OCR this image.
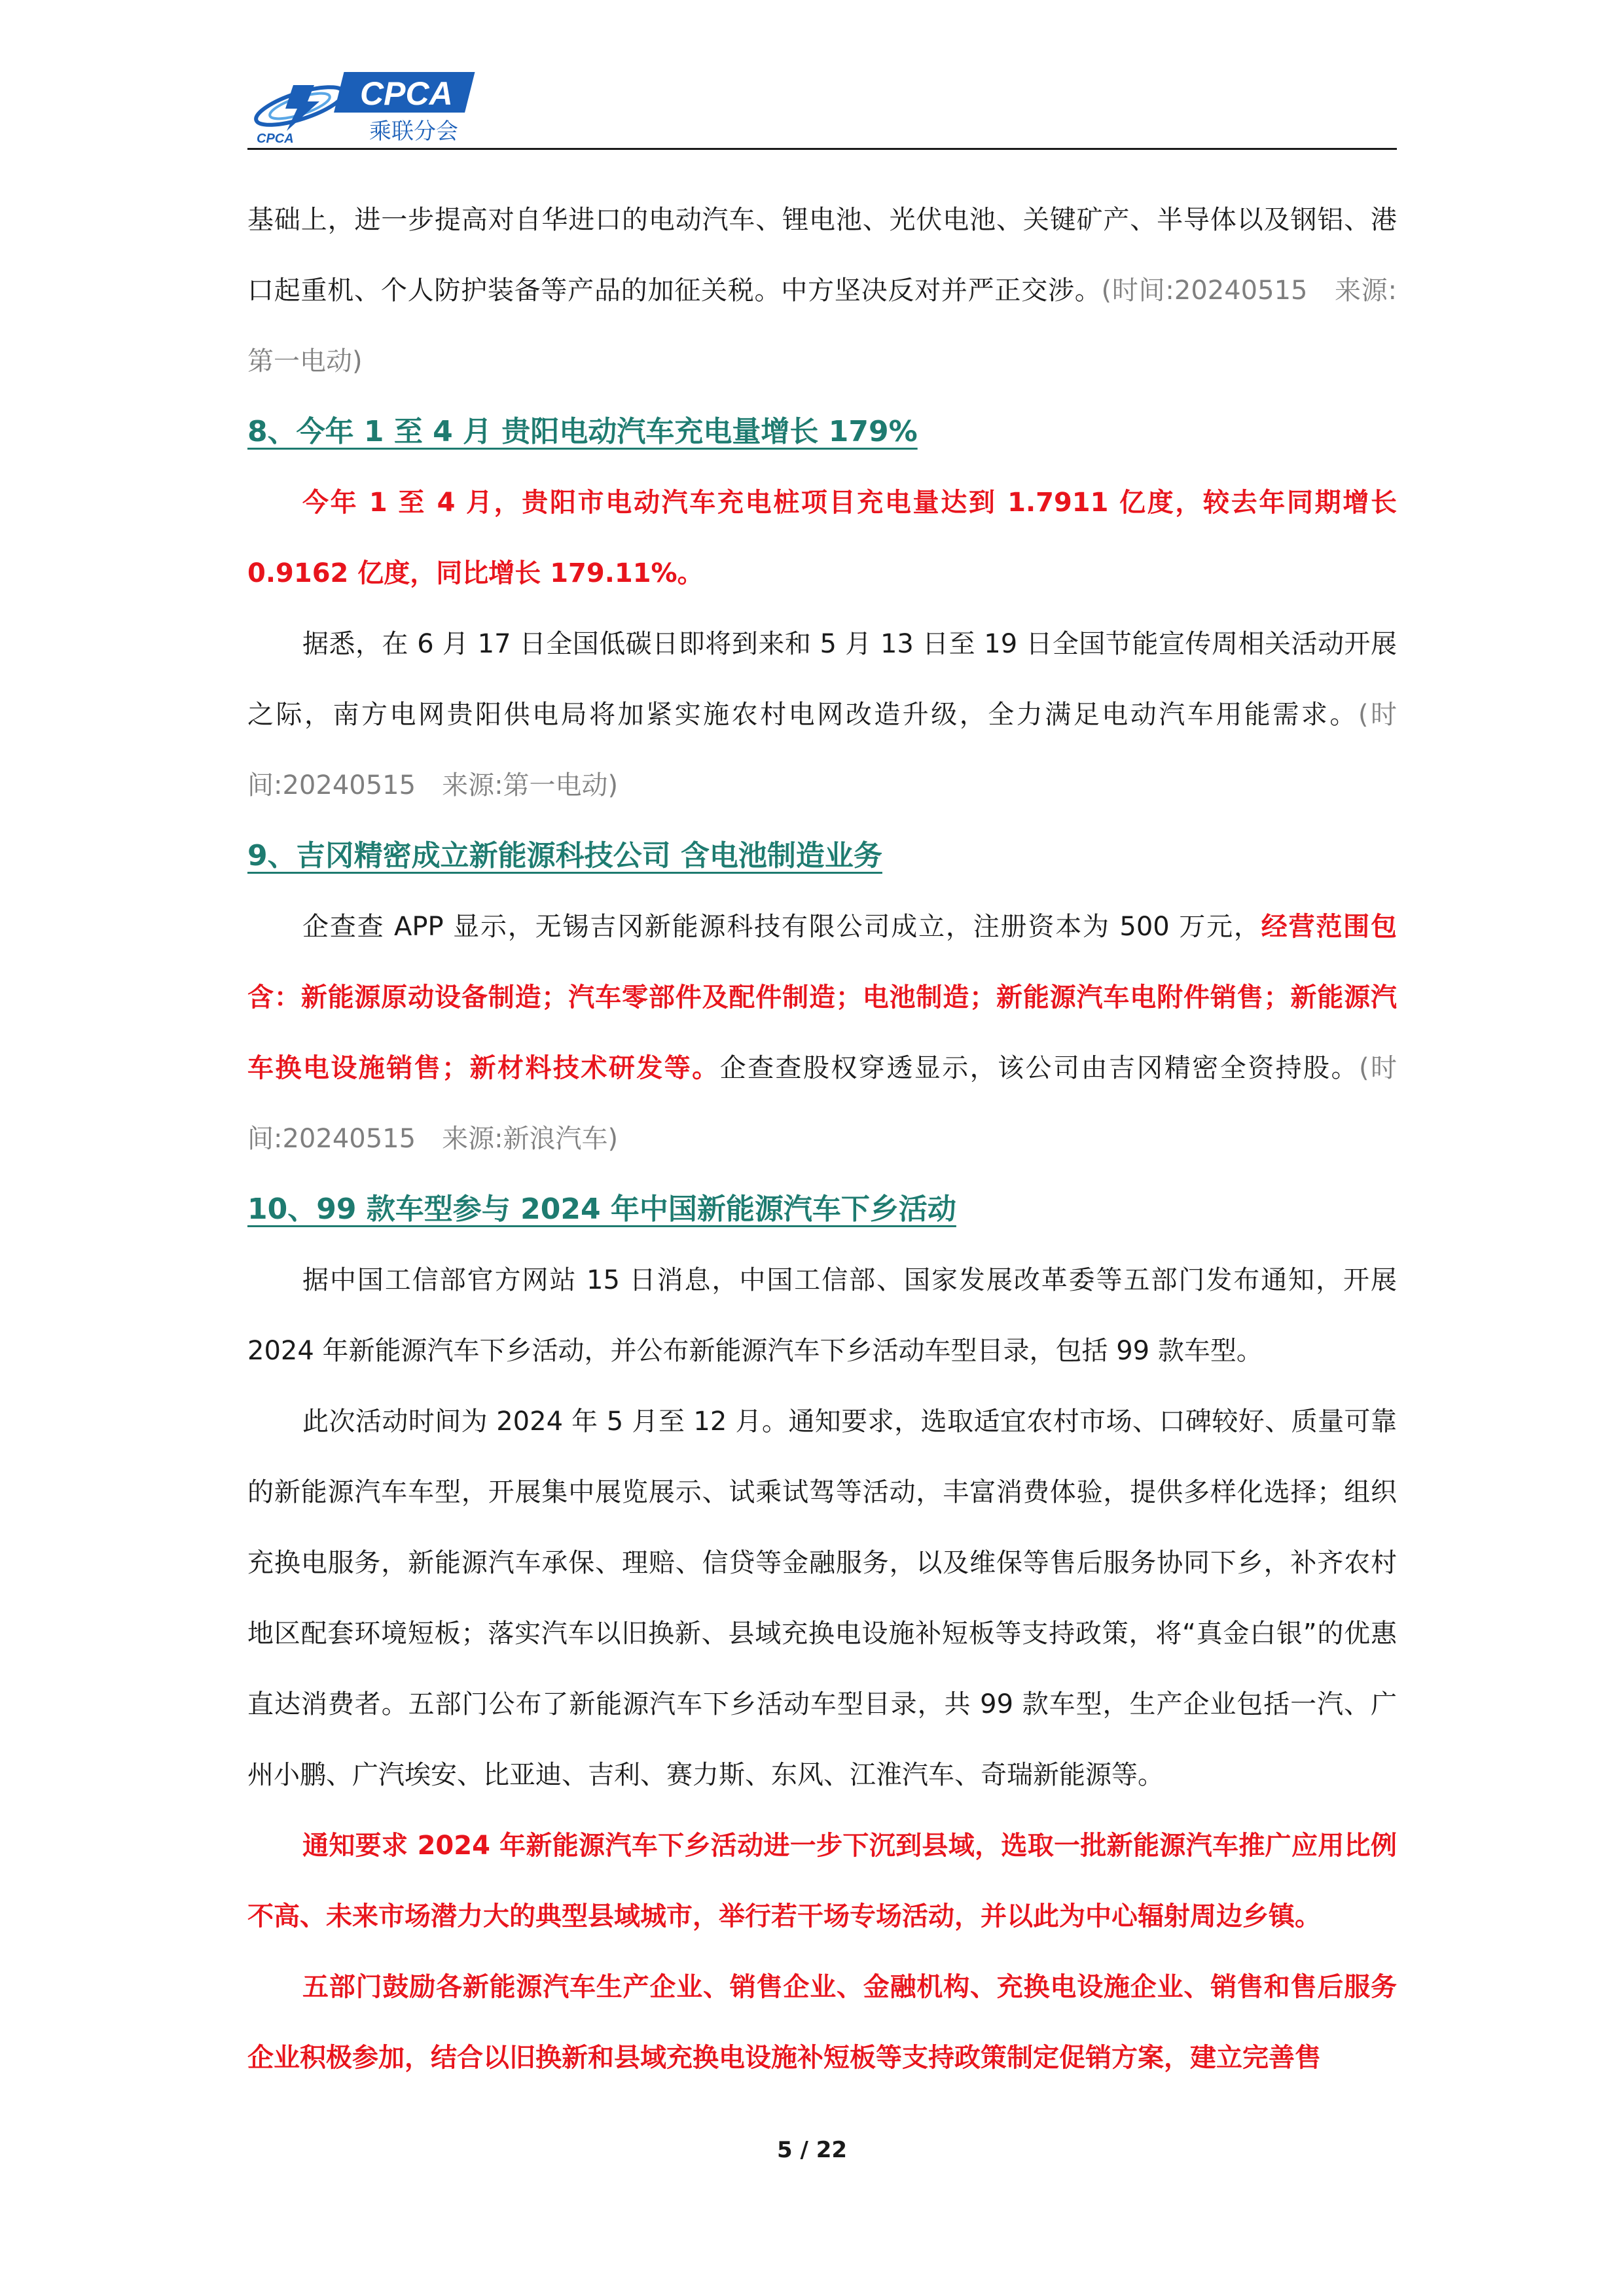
CPCA
乘联分会
CPCA

基础上，进一步提高对自华进口的电动汽车、锂电池、光伏电池、关键矿产、半导体以及钢铝、港口起重机、个人防护装备等产品的加征关税。中方坚决反对并严正交涉。(时间:20240515　来源:第一电动)

8、今年 1 至 4 月 贵阳电动汽车充电量增长 179%

今年 1 至 4 月，贵阳市电动汽车充电桩项目充电量达到 1.7911 亿度，较去年同期增长 0.9162 亿度，同比增长 179.11%。

据悉，在 6 月 17 日全国低碳日即将到来和 5 月 13 日至 19 日全国节能宣传周相关活动开展之际，南方电网贵阳供电局将加紧实施农村电网改造升级，全力满足电动汽车用能需求。(时间:20240515　来源:第一电动)

9、吉冈精密成立新能源科技公司 含电池制造业务

企查查 APP 显示，无锡吉冈新能源科技有限公司成立，注册资本为 500 万元，经营范围包含：新能源原动设备制造；汽车零部件及配件制造；电池制造；新能源汽车电附件销售；新能源汽车换电设施销售；新材料技术研发等。企查查股权穿透显示，该公司由吉冈精密全资持股。(时间:20240515　来源:新浪汽车)

10、99 款车型参与 2024 年中国新能源汽车下乡活动

据中国工信部官方网站 15 日消息，中国工信部、国家发展改革委等五部门发布通知，开展 2024 年新能源汽车下乡活动，并公布新能源汽车下乡活动车型目录，包括 99 款车型。

此次活动时间为 2024 年 5 月至 12 月。通知要求，选取适宜农村市场、口碑较好、质量可靠的新能源汽车车型，开展集中展览展示、试乘试驾等活动，丰富消费体验，提供多样化选择；组织充换电服务，新能源汽车承保、理赔、信贷等金融服务，以及维保等售后服务协同下乡，补齐农村地区配套环境短板；落实汽车以旧换新、县域充换电设施补短板等支持政策，将“真金白银”的优惠直达消费者。五部门公布了新能源汽车下乡活动车型目录，共 99 款车型，生产企业包括一汽、广州小鹏、广汽埃安、比亚迪、吉利、赛力斯、东风、江淮汽车、奇瑞新能源等。

通知要求 2024 年新能源汽车下乡活动进一步下沉到县域，选取一批新能源汽车推广应用比例不高、未来市场潜力大的典型县域城市，举行若干场专场活动，并以此为中心辐射周边乡镇。

五部门鼓励各新能源汽车生产企业、销售企业、金融机构、充换电设施企业、销售和售后服务企业积极参加，结合以旧换新和县域充换电设施补短板等支持政策制定促销方案，建立完善售

5 / 22
